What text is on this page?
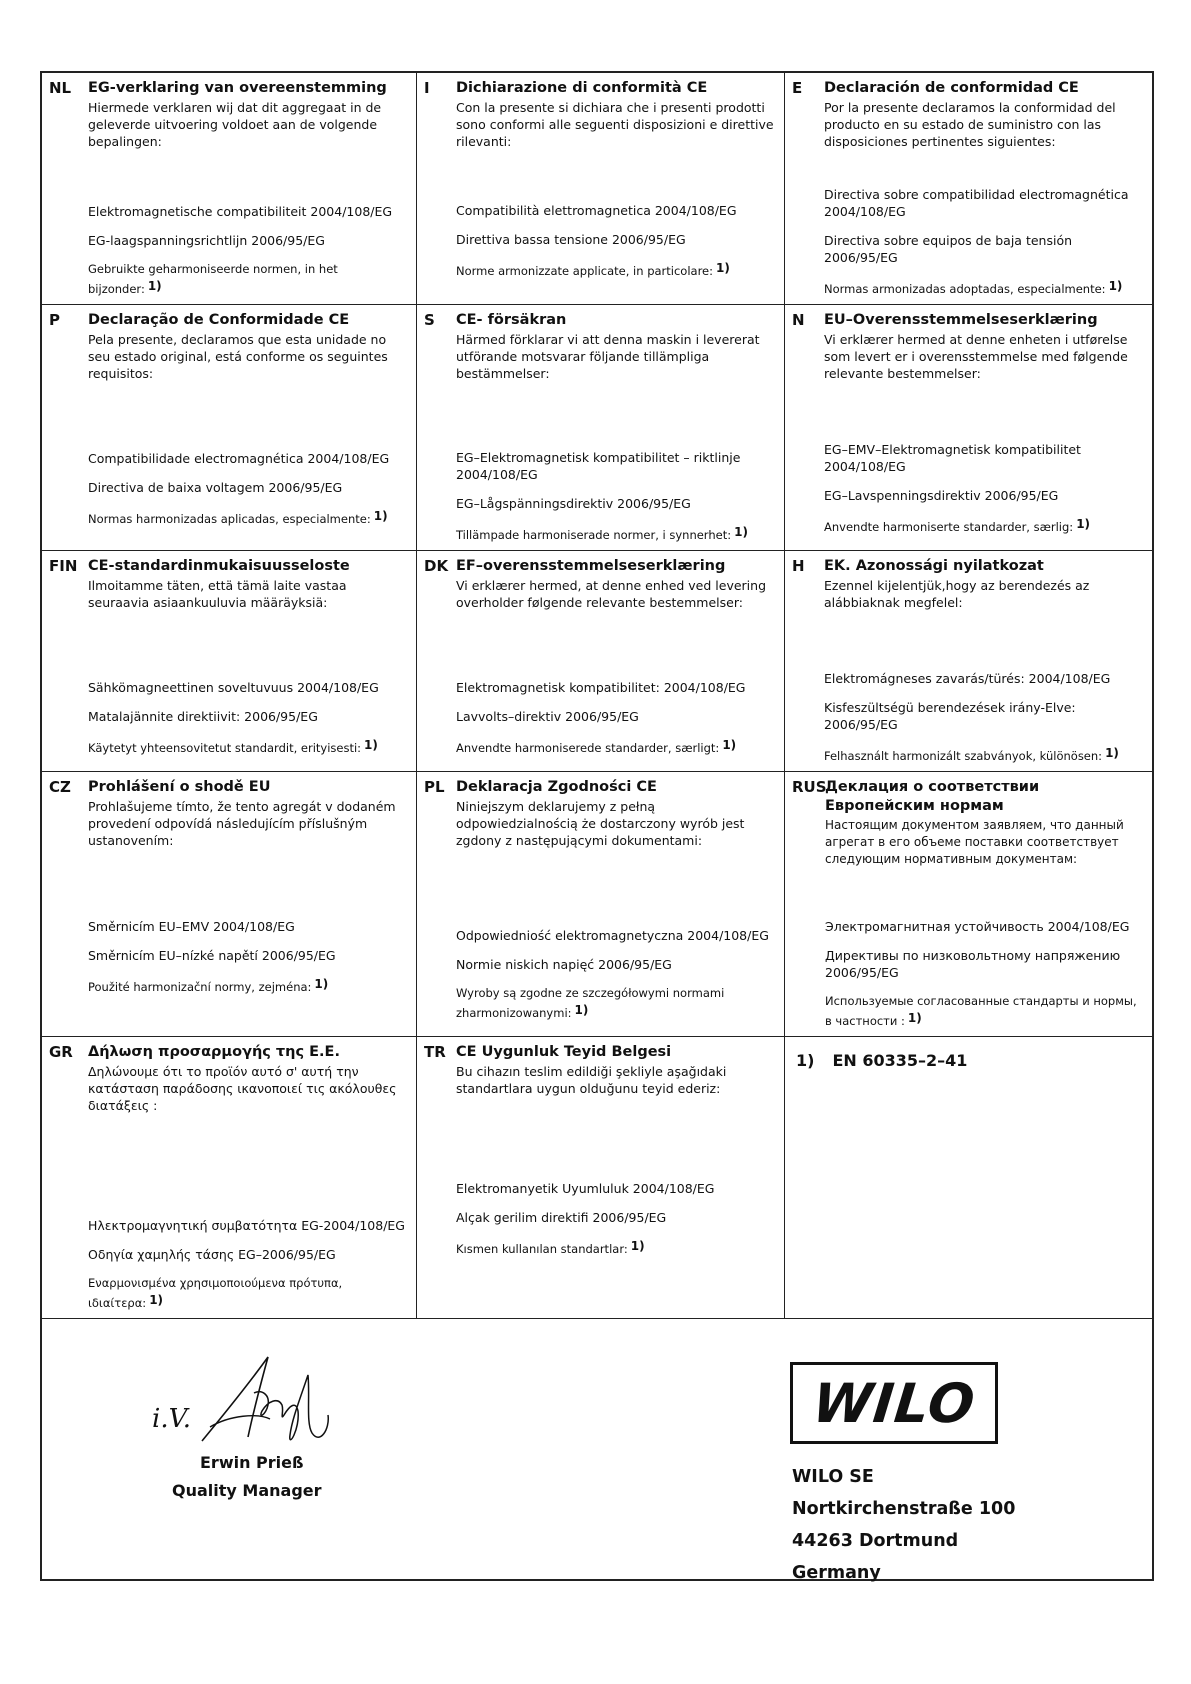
NL EG-verklaring van overeenstemming
Hiermede verklaren wij dat dit aggregaat in de geleverde uitvoering voldoet aan de volgende bepalingen:
Elektromagnetische compatibiliteit 2004/108/EG
EG-laagspanningsrichtlijn 2006/95/EG
Gebruikte geharmoniseerde normen, in het bijzonder: 1)
I Dichiarazione di conformità CE
Con la presente si dichiara che i presenti prodotti sono conformi alle seguenti disposizioni e direttive rilevanti:
Compatibilità elettromagnetica 2004/108/EG
Direttiva bassa tensione 2006/95/EG
Norme armonizzate applicate, in particolare: 1)
E Declaración de conformidad CE
Por la presente declaramos la conformidad del producto en su estado de suministro con las disposiciones pertinentes siguientes:
Directiva sobre compatibilidad electromagnética 2004/108/EG
Directiva sobre equipos de baja tensión 2006/95/EG
Normas armonizadas adoptadas, especialmente: 1)
P Declaração de Conformidade CE
Pela presente, declaramos que esta unidade no seu estado original, está conforme os seguintes requisitos:
Compatibilidade electromagnética 2004/108/EG
Directiva de baixa voltagem 2006/95/EG
Normas harmonizadas aplicadas, especialmente: 1)
S CE- försäkran
Härmed förklarar vi att denna maskin i levererat utförande motsvarar följande tillämpliga bestämmelser:
EG–Elektromagnetisk kompatibilitet – riktlinje 2004/108/EG
EG–Lågspänningsdirektiv 2006/95/EG
Tillämpade harmoniserade normer, i synnerhet: 1)
N EU–Overensstemmelseserklæring
Vi erklærer hermed at denne enheten i utførelse som levert er i overensstemmelse med følgende relevante bestemmelser:
EG–EMV–Elektromagnetisk kompatibilitet 2004/108/EG
EG–Lavspenningsdirektiv 2006/95/EG
Anvendte harmoniserte standarder, særlig: 1)
FIN CE-standardinmukaisuusseloste
Ilmoitamme täten, että tämä laite vastaa seuraavia asiaankuuluvia määräyksiä:
Sähkömagneettinen soveltuvuus 2004/108/EG
Matalajännite direktiivit: 2006/95/EG
Käytetyt yhteensovitetut standardit, erityisesti: 1)
DK EF–overensstemmelseserklæring
Vi erklærer hermed, at denne enhed ved levering overholder følgende relevante bestemmelser:
Elektromagnetisk kompatibilitet: 2004/108/EG
Lavvolts–direktiv 2006/95/EG
Anvendte harmoniserede standarder, særligt: 1)
H EK. Azonossági nyilatkozat
Ezennel kijelentjük,hogy az berendezés az alábbiaknak megfelel:
Elektromágneses zavarás/türés: 2004/108/EG
Kisfeszültségü berendezések irány-Elve: 2006/95/EG
Felhasznált harmonizált szabványok, különösen: 1)
CZ Prohlášení o shodě EU
Prohlašujeme tímto, že tento agregát v dodaném provedení odpovídá následujícím příslušným ustanovením:
Směrnicím EU–EMV 2004/108/EG
Směrnicím EU–nízké napětí 2006/95/EG
Použité harmonizační normy, zejména: 1)
PL Deklaracja Zgodności CE
Niniejszym deklarujemy z pełną odpowiedzialnością że dostarczony wyrób jest zgdony z następującymi dokumentami:
Odpowiedniość elektromagnetyczna 2004/108/EG
Normie niskich napięć 2006/95/EG
Wyroby są zgodne ze szczegółowymi normami zharmonizowanymi: 1)
RUS
Деклация о соответствии Европейским нормам
Настоящим документом заявляем, что данный агрегат в его объеме поставки соответствует следующим нормативным документам:
Электромагнитная устойчивость 2004/108/EG
Директивы по низковольтному напряжению 2006/95/EG
Используемые согласованные стандарты и нормы, в частности : 1)
GR Δήλωση προσαρμογής της Ε.Ε.
Δηλώνουμε ότι το προϊόν αυτό σ' αυτή την κατάσταση παράδοσης ικανοποιεί τις ακόλουθες διατάξεις :
Ηλεκτρομαγνητική συμβατότητα EG-2004/108/EG
Οδηγία χαμηλής τάσης EG–2006/95/EG
Εναρμονισμένα χρησιμοποιούμενα πρότυπα, ιδιαίτερα: 1)
TR CE Uygunluk Teyid Belgesi
Bu cihazın teslim edildiği şekliyle aşağıdaki standartlara uygun olduğunu teyid ederiz:
Elektromanyetik Uyumluluk 2004/108/EG
Alçak gerilim direktifi 2006/95/EG
Kısmen kullanılan standartlar: 1)
1) EN 60335–2–41
i.V.
Erwin Prieß
Quality Manager
WILO
WILO SE
Nortkirchenstraße 100
44263 Dortmund
Germany
